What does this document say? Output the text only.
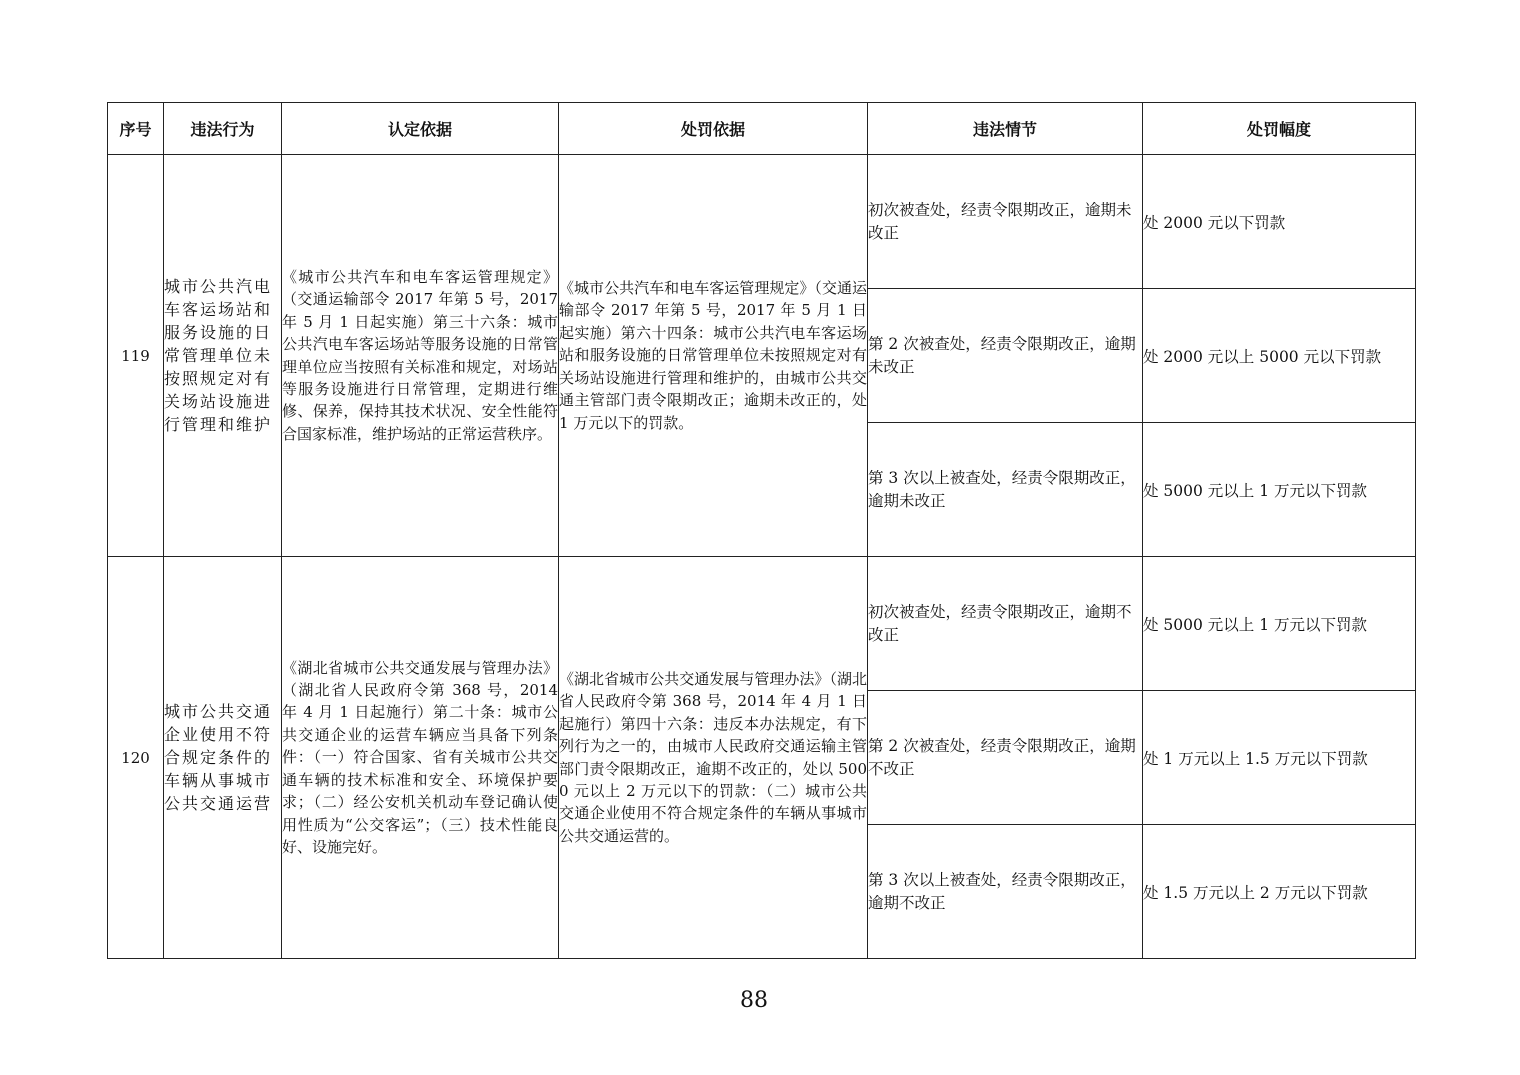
序号	违法行为	认定依据	处罚依据	违法情节	处罚幅度
119	城市公共汽电车客运场站和服务设施的日常管理单位未按照规定对有关场站设施进行管理和维护	《城市公共汽车和电车客运管理规定》（交通运输部令 2017 年第 5 号，2017 年 5 月 1 日起实施）第三十六条：城市公共汽电车客运场站等服务设施的日常管理单位应当按照有关标准和规定，对场站等服务设施进行日常管理，定期进行维修、保养，保持其技术状况、安全性能符合国家标准，维护场站的正常运营秩序。	《城市公共汽车和电车客运管理规定》（交通运输部令 2017 年第 5 号，2017 年 5 月 1 日起实施）第六十四条：城市公共汽电车客运场站和服务设施的日常管理单位未按照规定对有关场站设施进行管理和维护的，由城市公共交通主管部门责令限期改正；逾期未改正的，处 1 万元以下的罚款。	初次被查处，经责令限期改正，逾期未改正	处 2000 元以下罚款
				第 2 次被查处，经责令限期改正，逾期未改正	处 2000 元以上 5000 元以下罚款
				第 3 次以上被查处，经责令限期改正，逾期未改正	处 5000 元以上 1 万元以下罚款
120	城市公共交通企业使用不符合规定条件的车辆从事城市公共交通运营	《湖北省城市公共交通发展与管理办法》（湖北省人民政府令第 368 号，2014 年 4 月 1 日起施行）第二十条：城市公共交通企业的运营车辆应当具备下列条件：（一）符合国家、省有关城市公共交通车辆的技术标准和安全、环境保护要求；（二）经公安机关机动车登记确认使用性质为“公交客运”；（三）技术性能良好、设施完好。	《湖北省城市公共交通发展与管理办法》（湖北省人民政府令第 368 号，2014 年 4 月 1 日起施行）第四十六条：违反本办法规定，有下列行为之一的，由城市人民政府交通运输主管部门责令限期改正，逾期不改正的，处以 5000 元以上 2 万元以下的罚款：（二）城市公共交通企业使用不符合规定条件的车辆从事城市公共交通运营的。	初次被查处，经责令限期改正，逾期不改正	处 5000 元以上 1 万元以下罚款
				第 2 次被查处，经责令限期改正，逾期不改正	处 1 万元以上 1.5 万元以下罚款
				第 3 次以上被查处，经责令限期改正，逾期不改正	处 1.5 万元以上 2 万元以下罚款
88
